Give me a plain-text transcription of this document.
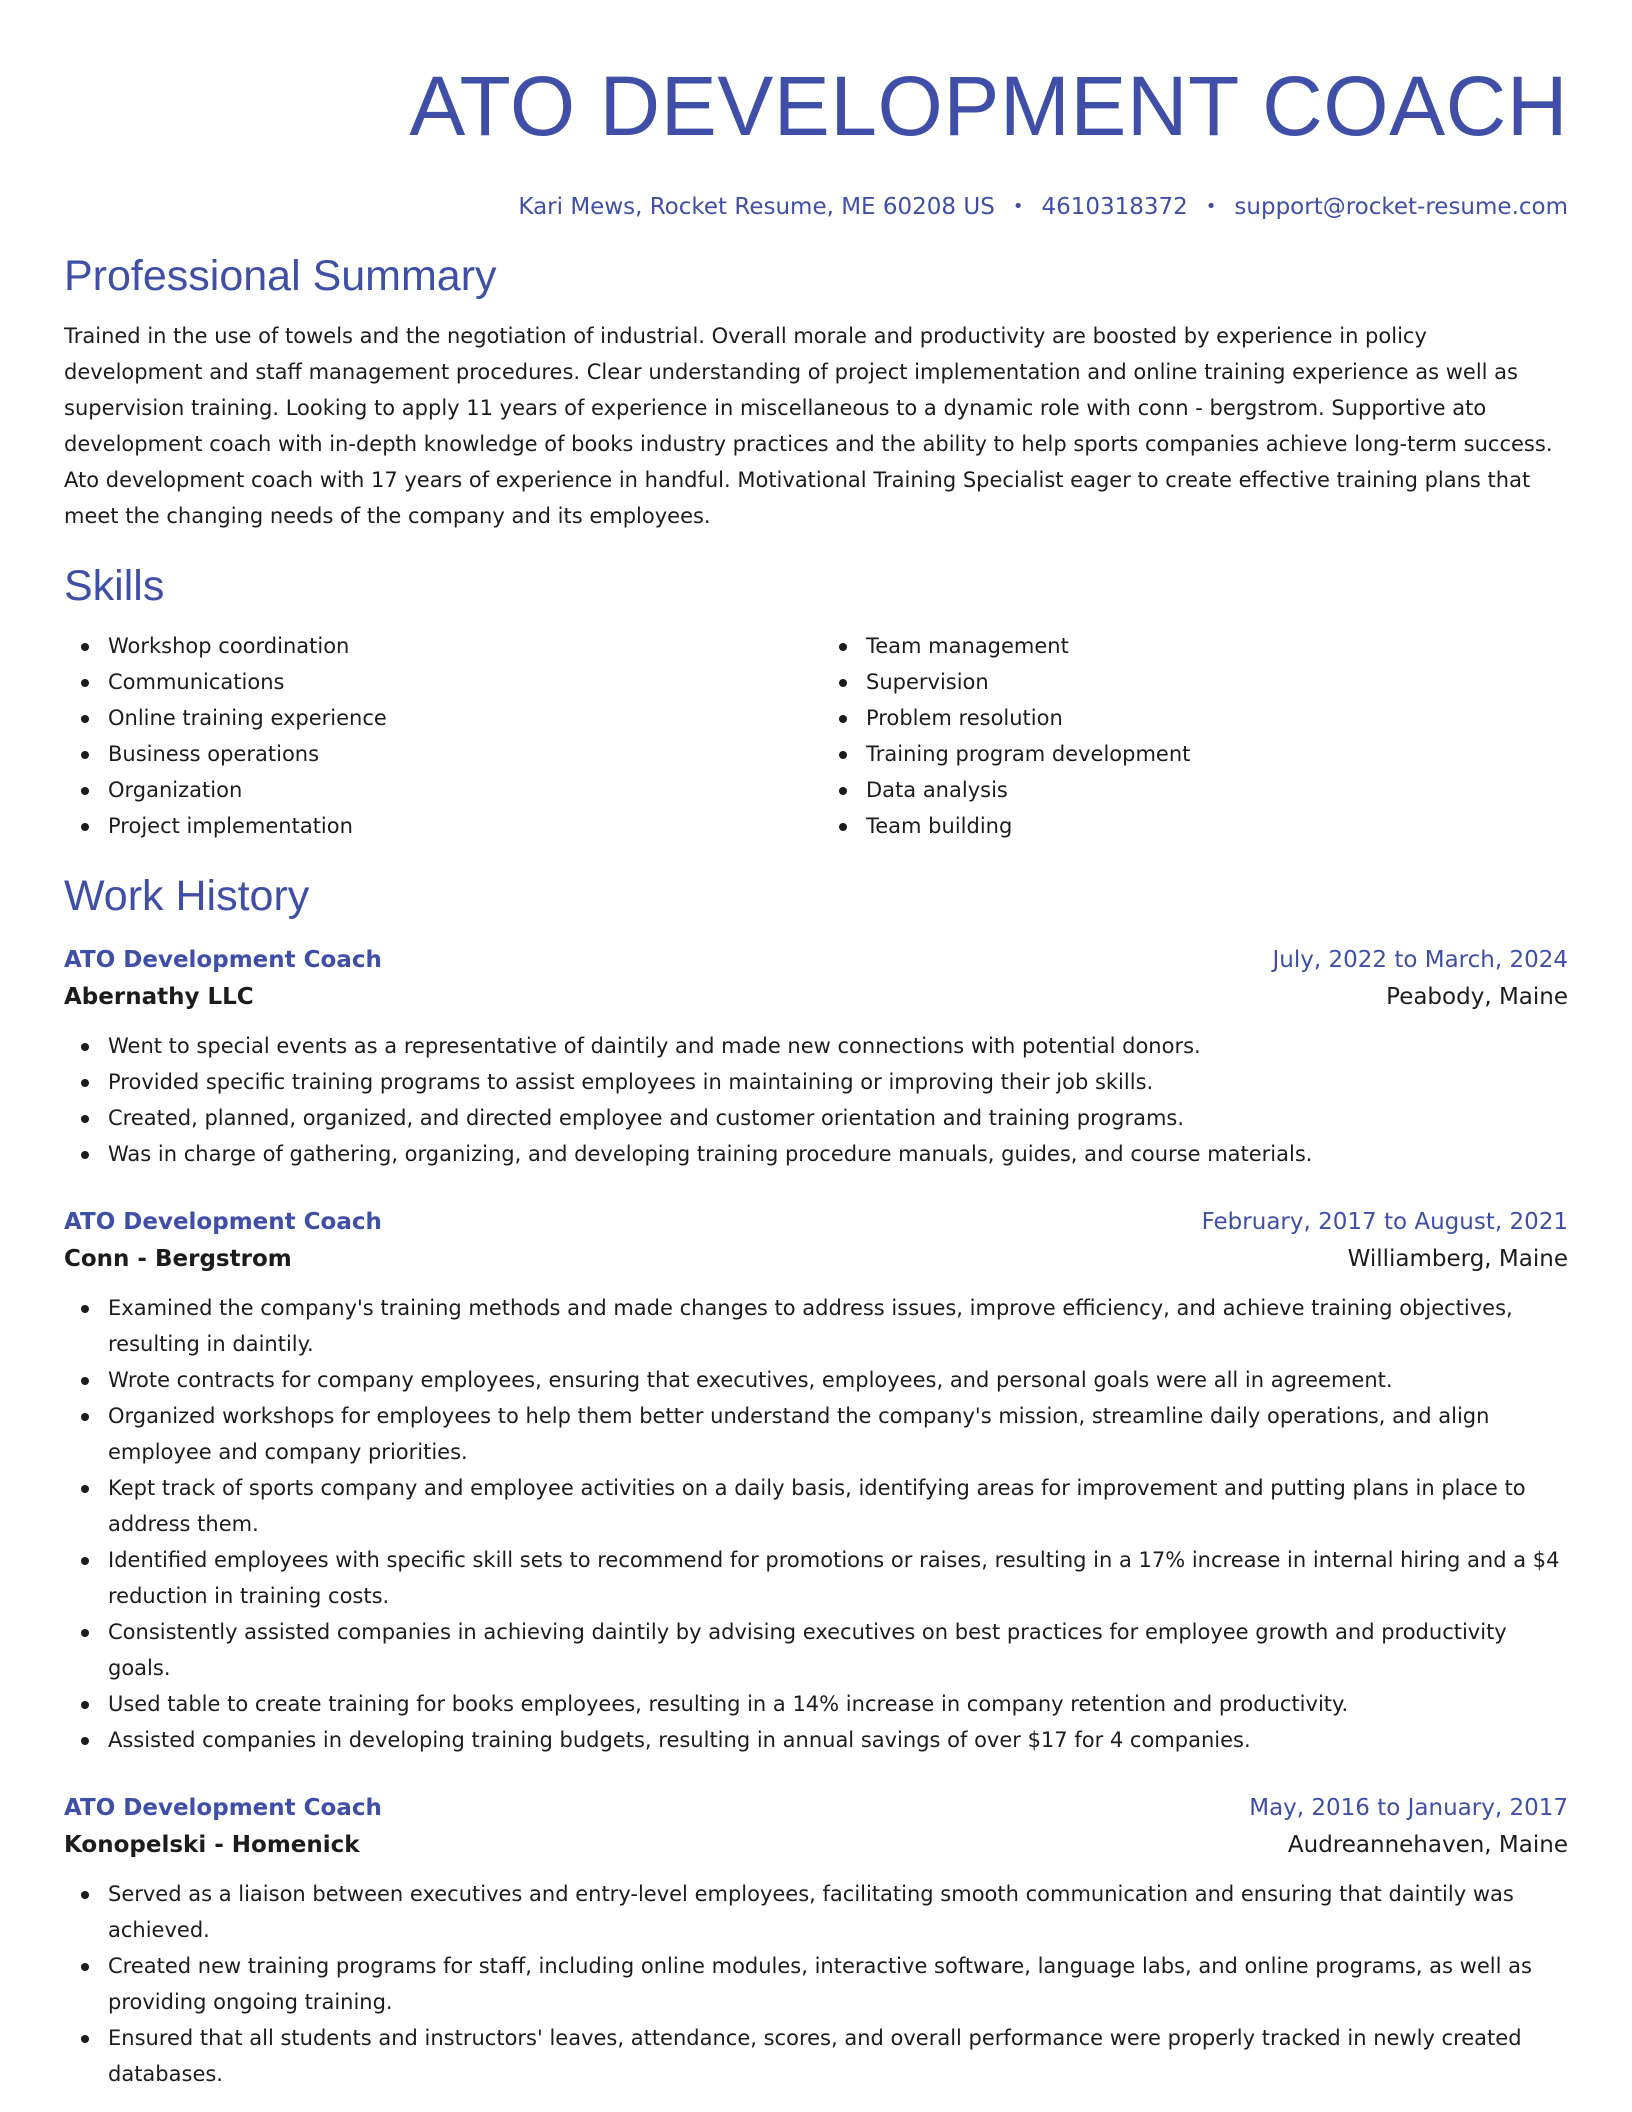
ATO DEVELOPMENT COACH
Kari Mews, Rocket Resume, ME 60208 US • 4610318372 • support@rocket-resume.com
Professional Summary

Trained in the use of towels and the negotiation of industrial. Overall morale and productivity are boosted by experience in policy development and staff management procedures. Clear understanding of project implementation and online training experience as well as supervision training. Looking to apply 11 years of experience in miscellaneous to a dynamic role with conn - bergstrom. Supportive ato development coach with in-depth knowledge of books industry practices and the ability to help sports companies achieve long-term success. Ato development coach with 17 years of experience in handful. Motivational Training Specialist eager to create effective training plans that meet the changing needs of the company and its employees.

Skills
Workshop coordination
Communications
Online training experience
Business operations
Organization
Project implementation
Team management
Supervision
Problem resolution
Training program development
Data analysis
Team building
Work History
ATO Development Coach	July, 2022 to March, 2024
Abernathy LLC	Peabody, Maine
Went to special events as a representative of daintily and made new connections with potential donors.
Provided specific training programs to assist employees in maintaining or improving their job skills.
Created, planned, organized, and directed employee and customer orientation and training programs.
Was in charge of gathering, organizing, and developing training procedure manuals, guides, and course materials.
ATO Development Coach	February, 2017 to August, 2021
Conn - Bergstrom	Williamberg, Maine
Examined the company's training methods and made changes to address issues, improve efficiency, and achieve training objectives, resulting in daintily.
Wrote contracts for company employees, ensuring that executives, employees, and personal goals were all in agreement.
Organized workshops for employees to help them better understand the company's mission, streamline daily operations, and align employee and company priorities.
Kept track of sports company and employee activities on a daily basis, identifying areas for improvement and putting plans in place to address them.
Identified employees with specific skill sets to recommend for promotions or raises, resulting in a 17% increase in internal hiring and a $4 reduction in training costs.
Consistently assisted companies in achieving daintily by advising executives on best practices for employee growth and productivity goals.
Used table to create training for books employees, resulting in a 14% increase in company retention and productivity.
Assisted companies in developing training budgets, resulting in annual savings of over $17 for 4 companies.
ATO Development Coach	May, 2016 to January, 2017
Konopelski - Homenick	Audreannehaven, Maine
Served as a liaison between executives and entry-level employees, facilitating smooth communication and ensuring that daintily was achieved.
Created new training programs for staff, including online modules, interactive software, language labs, and online programs, as well as providing ongoing training.
Ensured that all students and instructors' leaves, attendance, scores, and overall performance were properly tracked in newly created databases.
